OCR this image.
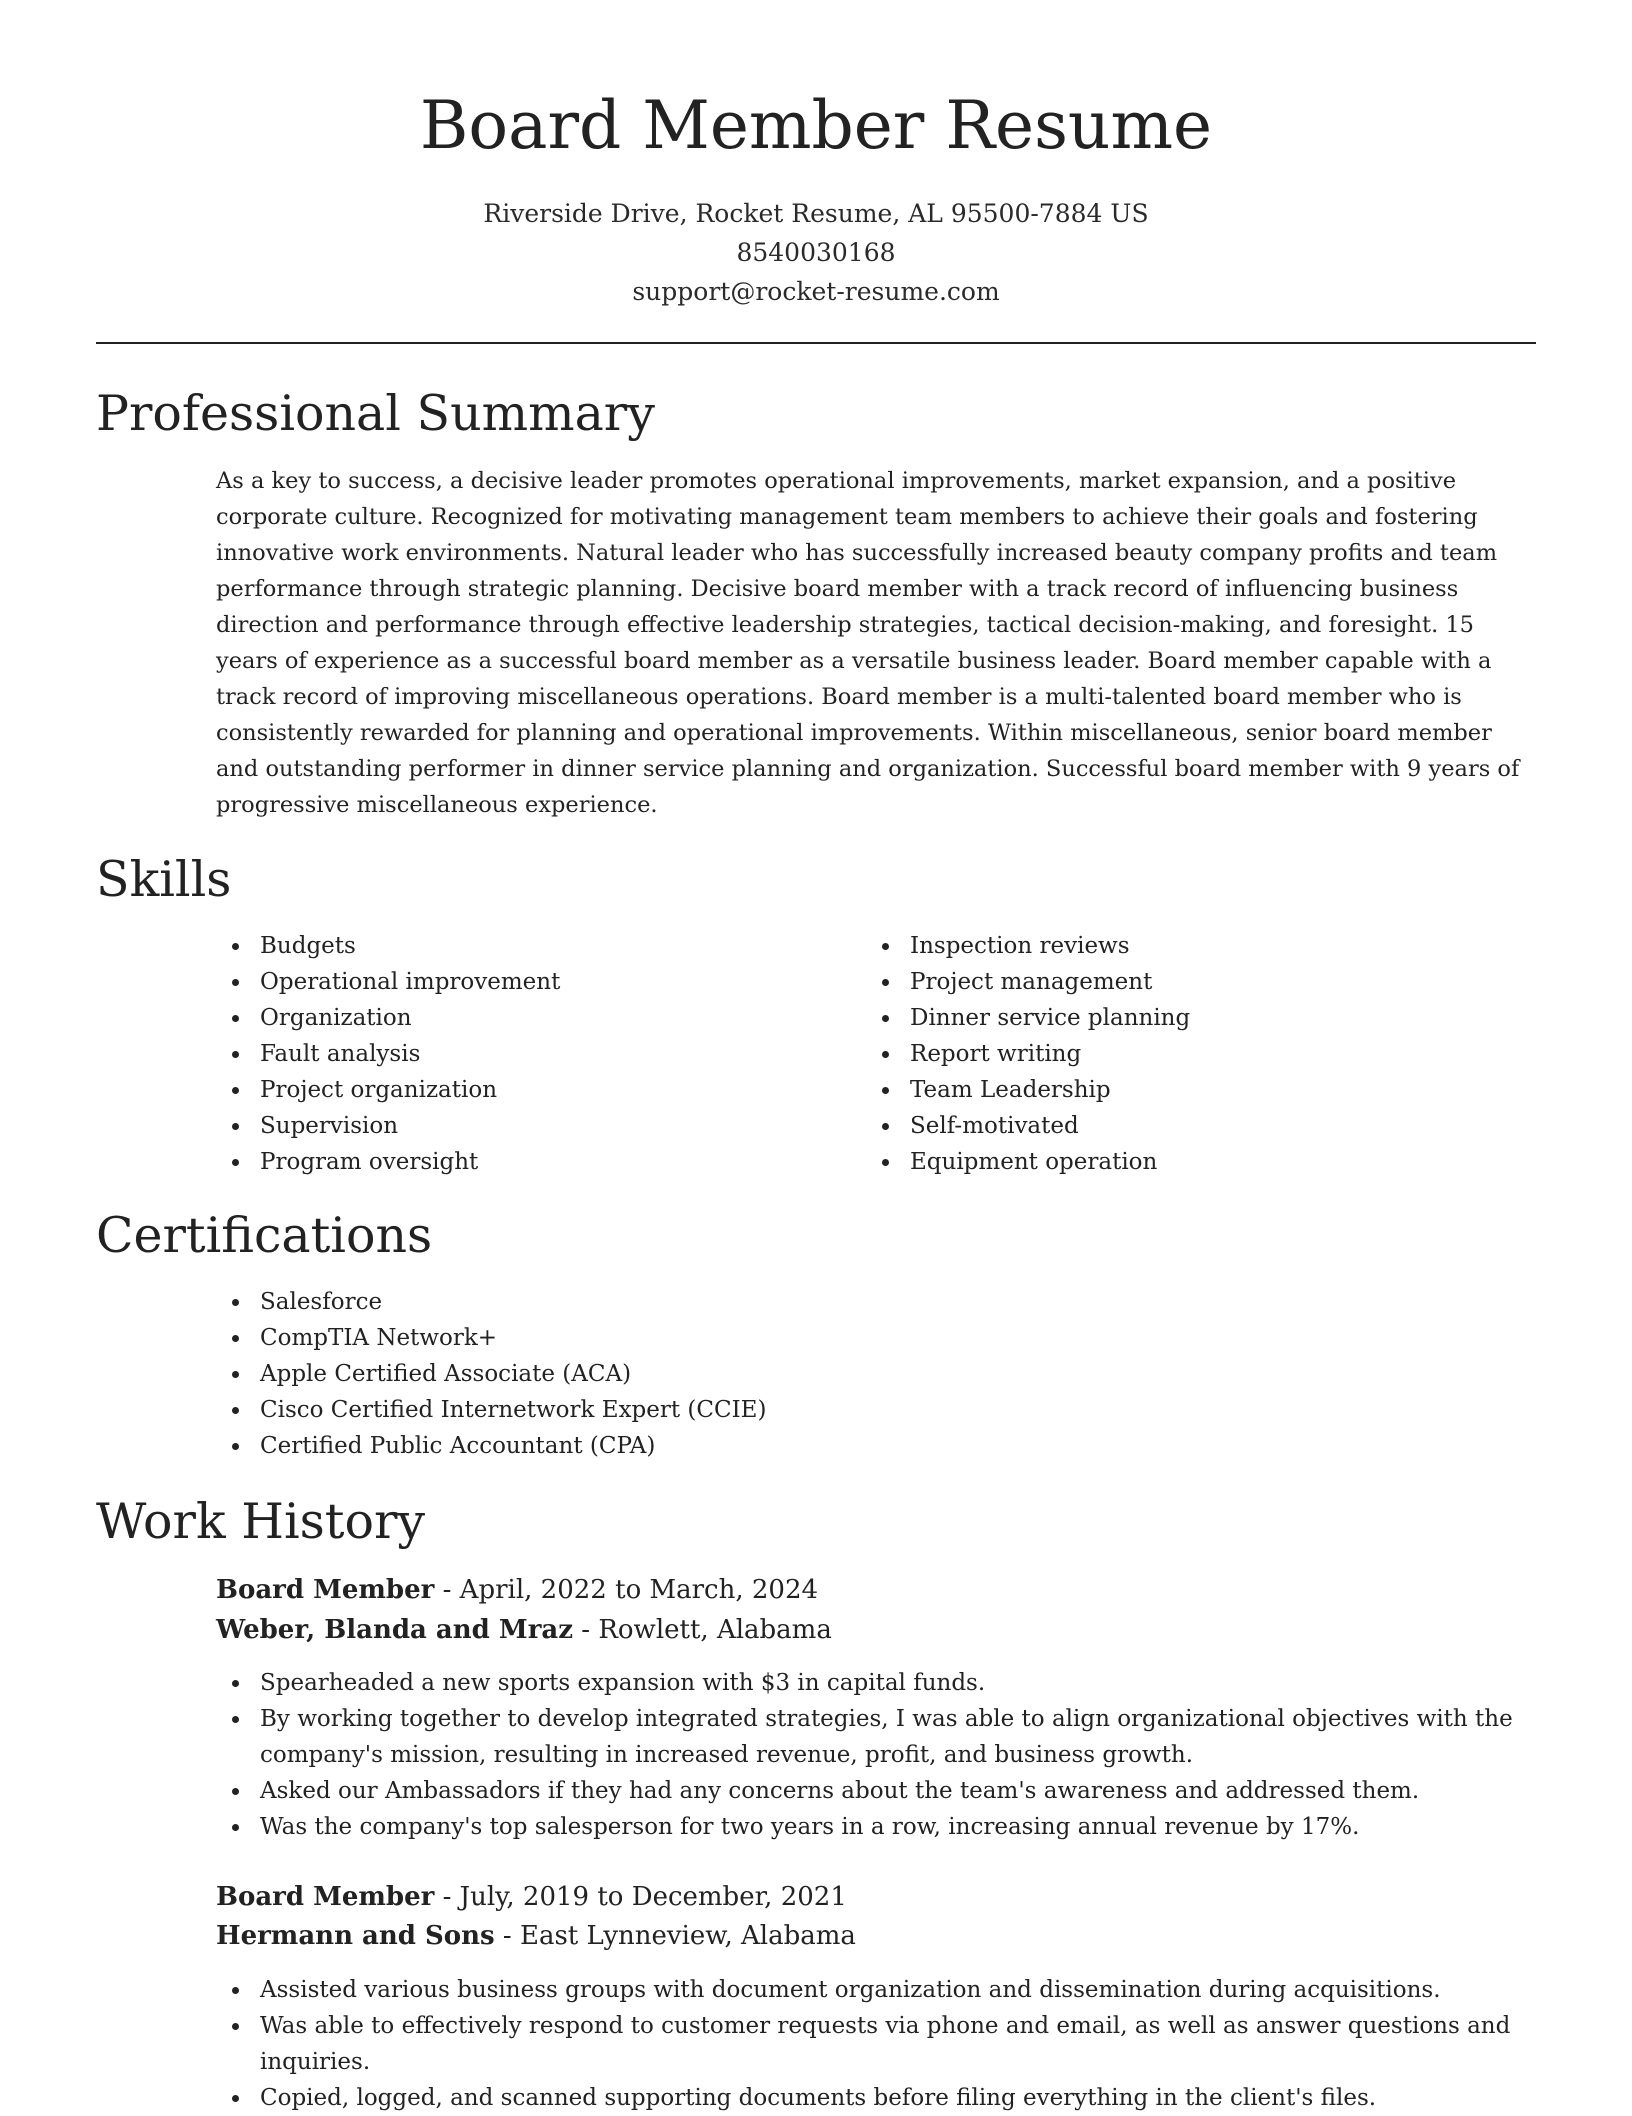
Board Member Resume
Riverside Drive, Rocket Resume, AL 95500-7884 US
8540030168
support@rocket-resume.com
Professional Summary

As a key to success, a decisive leader promotes operational improvements, market expansion, and a positive corporate culture. Recognized for motivating management team members to achieve their goals and fostering innovative work environments. Natural leader who has successfully increased beauty company profits and team performance through strategic planning. Decisive board member with a track record of influencing business direction and performance through effective leadership strategies, tactical decision-making, and foresight. 15 years of experience as a successful board member as a versatile business leader. Board member capable with a track record of improving miscellaneous operations. Board member is a multi-talented board member who is consistently rewarded for planning and operational improvements. Within miscellaneous, senior board member and outstanding performer in dinner service planning and organization. Successful board member with 9 years of progressive miscellaneous experience.

Skills
Budgets
Operational improvement
Organization
Fault analysis
Project organization
Supervision
Program oversight
Inspection reviews
Project management
Dinner service planning
Report writing
Team Leadership
Self-motivated
Equipment operation
Certifications
Salesforce
CompTIA Network+
Apple Certified Associate (ACA)
Cisco Certified Internetwork Expert (CCIE)
Certified Public Accountant (CPA)
Work History
Board Member - April, 2022 to March, 2024
Weber, Blanda and Mraz - Rowlett, Alabama
Spearheaded a new sports expansion with $3 in capital funds.
By working together to develop integrated strategies, I was able to align organizational objectives with the company's mission, resulting in increased revenue, profit, and business growth.
Asked our Ambassadors if they had any concerns about the team's awareness and addressed them.
Was the company's top salesperson for two years in a row, increasing annual revenue by 17%.
Board Member - July, 2019 to December, 2021
Hermann and Sons - East Lynneview, Alabama
Assisted various business groups with document organization and dissemination during acquisitions.
Was able to effectively respond to customer requests via phone and email, as well as answer questions and inquiries.
Copied, logged, and scanned supporting documents before filing everything in the client's files.
